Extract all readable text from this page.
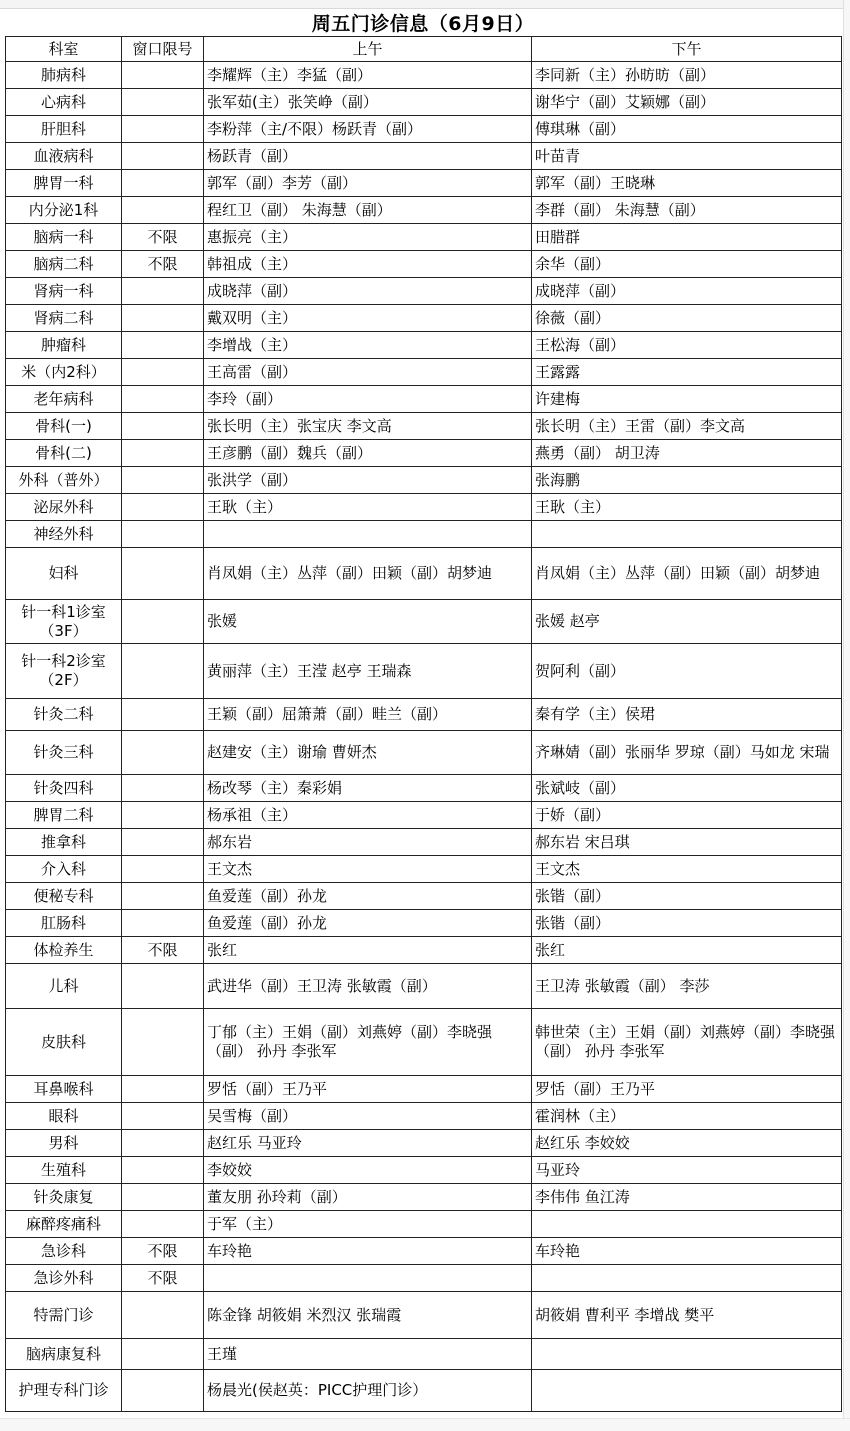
周五门诊信息（6月9日）
科室	窗口限号	上午	下午
肺病科		李耀辉（主）李猛（副）	李同新（主）孙昉昉（副）
心病科		张军茹(主）张笑峥（副）	谢华宁（副）艾颖娜（副）
肝胆科		李粉萍（主/不限）杨跃青（副）	傅琪琳（副）
血液病科		杨跃青（副）	叶苗青
脾胃一科		郭军（副）李芳（副）	郭军（副）王晓琳
内分泌1科		程红卫（副） 朱海慧（副）	李群（副） 朱海慧（副）
脑病一科	不限	惠振亮（主）	田腊群
脑病二科	不限	韩祖成（主）	余华（副）
肾病一科		成晓萍（副）	成晓萍（副）
肾病二科		戴双明（主）	徐薇（副）
肿瘤科		李增战（主）	王松海（副）
米（内2科）		王高雷（副）	王露露
老年病科		李玲（副）	许建梅
骨科(一)		张长明（主）张宝庆 李文高	张长明（主）王雷（副）李文高
骨科(二)		王彦鹏（副）魏兵（副）	燕勇（副） 胡卫涛
外科（普外）		张洪学（副）	张海鹏
泌尿外科		王耿（主）	王耿（主）
神经外科			
妇科		肖凤娟（主）丛萍（副）田颖（副）胡梦迪	肖凤娟（主）丛萍（副）田颖（副）胡梦迪
针一科1诊室（3F）		张媛	张媛 赵亭
针一科2诊室（2F）		黄丽萍（主）王滢 赵亭 王瑞森	贺阿利（副）
针灸二科		王颖（副）屈箫萧（副）畦兰（副）	秦有学（主）侯珺
针灸三科		赵建安（主）谢瑜 曹妍杰	齐琳婧（副）张丽华 罗琼（副）马如龙 宋瑞
针灸四科		杨改琴（主）秦彩娟	张斌岐（副）
脾胃二科		杨承祖（主）	于娇（副）
推拿科		郝东岩	郝东岩 宋吕琪
介入科		王文杰	王文杰
便秘专科		鱼爱莲（副）孙龙	张锴（副）
肛肠科		鱼爱莲（副）孙龙	张锴（副）
体检养生	不限	张红	张红
儿科		武进华（副）王卫涛 张敏霞（副）	王卫涛 张敏霞（副） 李莎
皮肤科		丁郁（主）王娟（副）刘燕婷（副）李晓强（副） 孙丹 李张军	韩世荣（主）王娟（副）刘燕婷（副）李晓强（副） 孙丹 李张军
耳鼻喉科		罗恬（副）王乃平	罗恬（副）王乃平
眼科		吴雪梅（副）	霍润林（主）
男科		赵红乐 马亚玲	赵红乐 李姣姣
生殖科		李姣姣	马亚玲
针灸康复		董友朋 孙玲莉（副）	李伟伟 鱼江涛
麻醉疼痛科		于军（主）	
急诊科	不限	车玲艳	车玲艳
急诊外科	不限		
特需门诊		陈金锋 胡筱娟 米烈汉 张瑞霞	胡筱娟 曹利平 李增战 樊平
脑病康复科		王瑾	
护理专科门诊		杨晨光(侯赵英：PICC护理门诊）	
